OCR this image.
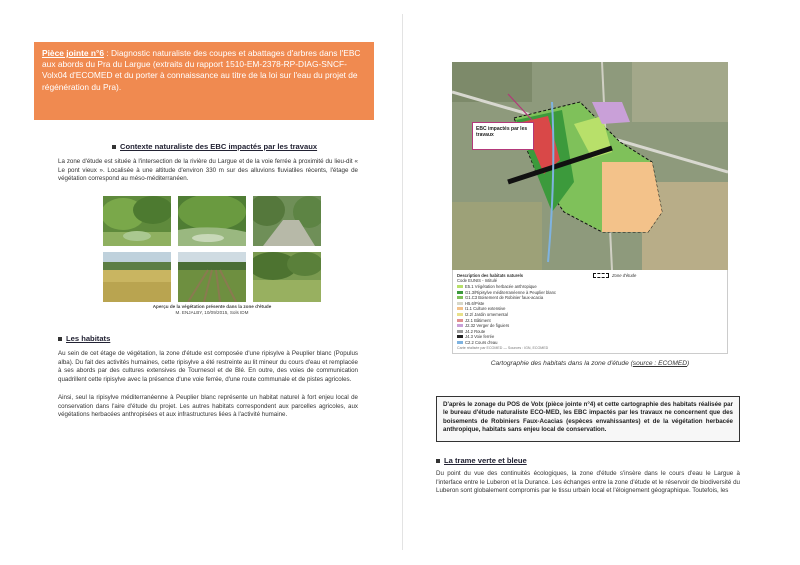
Pièce jointe n°6 : Diagnostic naturaliste des coupes et abattages d'arbres dans l'EBC aux abords du Pra du Largue (extraits du rapport 1510-EM-2378-RP-DIAG-SNCF-Volx04 d'ECOMED et du porter à connaissance au titre de la loi sur l'eau du projet de régénération du Pra).
Contexte naturaliste des EBC impactés par les travaux
La zone d'étude est située à l'intersection de la rivière du Largue et de la voie ferrée à proximité du lieu-dit « Le pont vieux ». Localisée à une altitude d'environ 330 m sur des alluvions fluviatiles récents, l'étage de végétation correspond au méso-méditerranéen.
Aperçu de la végétation présente dans la zone d'étude
M. ENJALBY, 10/09/2015, Sols IDM
Les habitats
Au sein de cet étage de végétation, la zone d'étude est composée d'une ripisylve à Peuplier blanc (Populus alba). Du fait des activités humaines, cette ripisylve a été restreinte au lit mineur du cours d'eau et remplacée à ses abords par des cultures extensives de Tournesol et de Blé. En outre, des voies de communication quadrillent cette ripisylve avec la présence d'une voie ferrée, d'une route communale et de pistes agricoles.
Ainsi, seul la ripisylve méditerranéenne à Peuplier blanc représente un habitat naturel à fort enjeu local de conservation dans l'aire d'étude du projet. Les autres habitats correspondent aux parcelles agricoles, aux végétations herbacées anthropisées et aux infrastructures liées à l'activité humaine.
EBC impactés par les travaux
Description des habitats naturels
Code EUNIS - Intitulé
Zone d'étude
E5.1 Végétation herbacée anthropique
G1.3/Ripisylve méditerranéenne à Peuplier blanc
G1.C3 Boisement de Robinier faux-acacia
H5.6/Piste
I1.1 Culture extensive
I2.2/ Jardin ornemental
J2.1 Bâtiment
J2.32 Verger de figuiers
J4.2 Route
J4.3 Voie ferrée
C2.2 Cours d'eau
Carte réalisée par ECOMED — Sources : IGN, ECOMED
Cartographie des habitats dans la zone d'étude (source : ECOMED)
D'après le zonage du POS de Volx (pièce jointe n°4) et cette cartographie des habitats réalisée par le bureau d'étude naturaliste ECO-MED, les EBC impactés par les travaux ne concernent que des boisements de Robiniers Faux-Acacias (espèces envahissantes) et de la végétation herbacée anthropique, habitats sans enjeu local de conservation.
La trame verte et bleue
Du point du vue des continuités écologiques, la zone d'étude s'insère dans le cours d'eau le Largue à l'interface entre le Luberon et la Durance. Les échanges entre la zone d'étude et le réservoir de biodiversité du Luberon sont globalement compromis par le tissu urbain local et l'éloignement géographique. Toutefois, les
